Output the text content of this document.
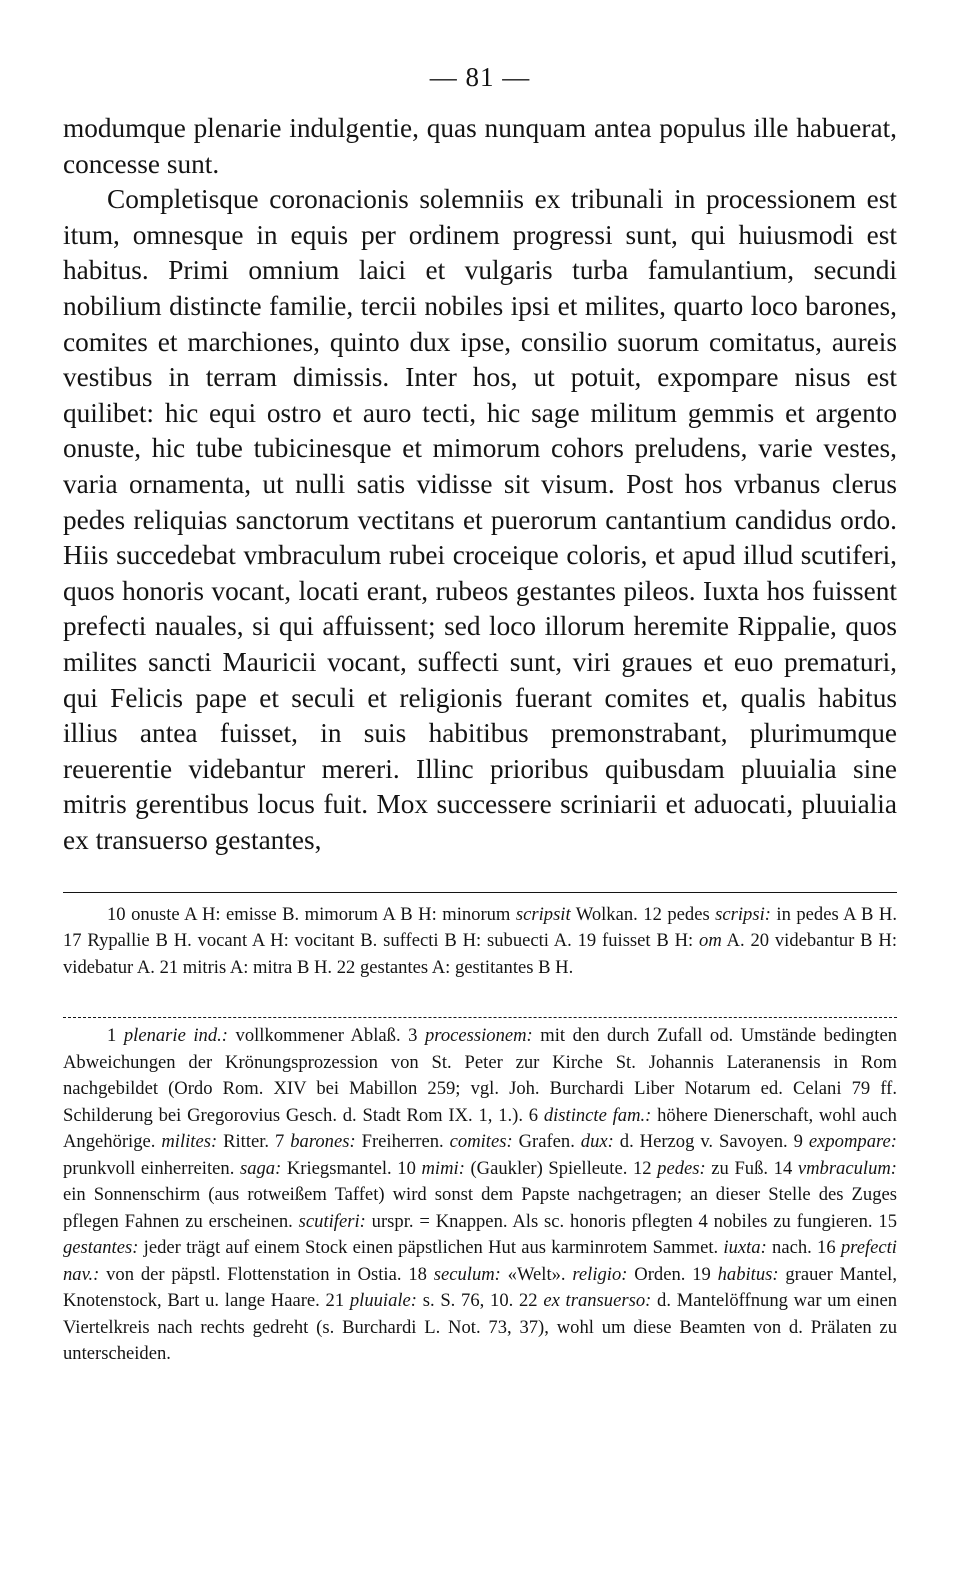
— 81 —

modumque plenarie indulgentie, quas nunquam antea populus ille habuerat, concesse sunt.

Completisque coronacionis solemniis ex tribunali in processionem est itum, omnesque in equis per ordinem progressi sunt, qui huiusmodi est habitus. Primi omnium laici et vulgaris turba famulantium, secundi nobilium distincte familie, tercii nobiles ipsi et milites, quarto loco barones, comites et marchiones, quinto dux ipse, consilio suorum comitatus, aureis vestibus in terram dimissis. Inter hos, ut potuit, expompare nisus est quilibet: hic equi ostro et auro tecti, hic sage militum gemmis et argento onuste, hic tube tubicinesque et mimorum cohors preludens, varie vestes, varia ornamenta, ut nulli satis vidisse sit visum. Post hos vrbanus clerus pedes reliquias sanctorum vectitans et puerorum cantantium candidus ordo. Hiis succedebat vmbraculum rubei croceique coloris, et apud illud scutiferi, quos honoris vocant, locati erant, rubeos gestantes pileos. Iuxta hos fuissent prefecti nauales, si qui affuissent; sed loco illorum heremite Rippalie, quos milites sancti Mauricii vocant, suffecti sunt, viri graues et euo prematuri, qui Felicis pape et seculi et religionis fuerant comites et, qualis habitus illius antea fuisset, in suis habitibus premonstrabant, plurimumque reuerentie videbantur mereri. Illinc prioribus quibusdam pluuialia sine mitris gerentibus locus fuit. Mox successere scriniarii et aduocati, pluuialia ex transuerso gestantes,

10 onuste A H: emisse B. mimorum A B H: minorum scripsit Wolkan. 12 pedes scripsi: in pedes A B H. 17 Rypallie B H. vocant A H: vocitant B. suffecti B H: subuecti A. 19 fuisset B H: om A. 20 videbantur B H: videbatur A. 21 mitris A: mitra B H. 22 gestantes A: gestitantes B H.

1 plenarie ind.: vollkommener Ablaß. 3 processionem: mit den durch Zufall od. Umstände bedingten Abweichungen der Krönungsprozession von St. Peter zur Kirche St. Johannis Lateranensis in Rom nachgebildet (Ordo Rom. XIV bei Mabillon 259; vgl. Joh. Burchardi Liber Notarum ed. Celani 79 ff. Schilderung bei Gregorovius Gesch. d. Stadt Rom IX. 1, 1.). 6 distincte fam.: höhere Dienerschaft, wohl auch Angehörige. milites: Ritter. 7 barones: Freiherren. comites: Grafen. dux: d. Herzog v. Savoyen. 9 expompare: prunkvoll einherreiten. saga: Kriegsmantel. 10 mimi: (Gaukler) Spielleute. 12 pedes: zu Fuß. 14 vmbraculum: ein Sonnenschirm (aus rotweißem Taffet) wird sonst dem Papste nachgetragen; an dieser Stelle des Zuges pflegen Fahnen zu erscheinen. scutiferi: urspr. = Knappen. Als sc. honoris pflegten 4 nobiles zu fungieren. 15 gestantes: jeder trägt auf einem Stock einen päpstlichen Hut aus karminrotem Sammet. iuxta: nach. 16 prefecti nav.: von der päpstl. Flottenstation in Ostia. 18 seculum: «Welt». religio: Orden. 19 habitus: grauer Mantel, Knotenstock, Bart u. lange Haare. 21 pluuiale: s. S. 76, 10. 22 ex transuerso: d. Mantelöffnung war um einen Viertelkreis nach rechts gedreht (s. Burchardi L. Not. 73, 37), wohl um diese Beamten von d. Prälaten zu unterscheiden.
